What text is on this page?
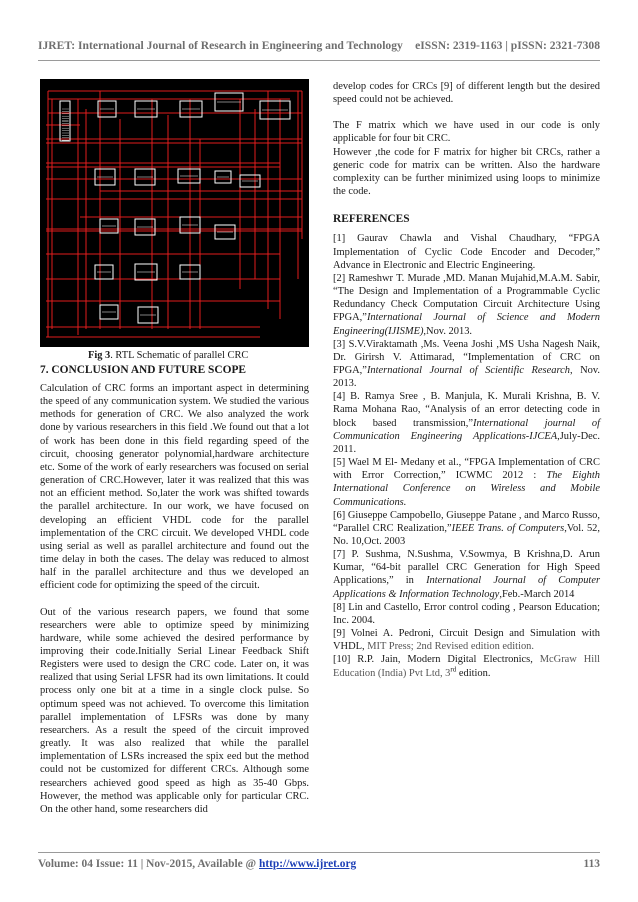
IJRET: International Journal of Research in Engineering and Technology eISSN: 2319-1163 | pISSN: 2321-7308
Fig 3. RTL Schematic of parallel CRC
7. CONCLUSION AND FUTURE SCOPE

Calculation of CRC forms an important aspect in determining the speed of any communication system. We studied the various methods for generation of CRC. We also analyzed the work done by various researchers in this field .We found out that a lot of work has been done in this field regarding speed of the circuit, choosing generator polynomial,hardware architecture etc. Some of the work of early researchers was focused on serial generation of CRC.However, later it was realized that this was not an efficient method. So,later the work was shifted towards the parallel architecture. In our work, we have focused on developing an efficient VHDL code for the parallel implementation of the CRC circuit. We developed VHDL code using serial as well as parallel architecture and found out the time delay in both the cases. The delay was reduced to almost half in the parallel architecture and thus we developed an efficient code for optimizing the speed of the circuit.

Out of the various research papers, we found that some researchers were able to optimize speed by minimizing hardware, while some achieved the desired performance by improving their code.Initially Serial Linear Feedback Shift Registers were used to design the CRC code. Later on, it was realized that using Serial LFSR had its own limitations. It could process only one bit at a time in a single clock pulse. So optimum speed was not achieved. To overcome this limitation parallel implementation of LFSRs was done by many researchers. As a result the speed of the circuit improved greatly. It was also realized that while the parallel implementation of LSRs increased the spix eed but the method could not be customized for different CRCs. Although some researchers achieved good speed as high as 35-40 Gbps. However, the method was applicable only for particular CRC. On the other hand, some researchers did

develop codes for CRCs [9] of different length but the desired speed could not be achieved.

The F matrix which we have used in our code is only applicable for four bit CRC.

However ,the code for F matrix for higher bit CRCs, rather a generic code for matrix can be written. Also the hardware complexity can be further minimized using loops to minimize the code.

REFERENCES

[1] Gaurav Chawla and Vishal Chaudhary, “FPGA Implementation of Cyclic Code Encoder and Decoder,” Advance in Electronic and Electric Engineering.

[2] Rameshwr T. Murade ,MD. Manan Mujahid,M.A.M. Sabir, “The Design and Implementation of a Programmable Cyclic Redundancy Check Computation Circuit Architecture Using FPGA,”International Journal of Science and Modern Engineering(IJISME),Nov. 2013.

[3] S.V.Viraktamath ,Ms. Veena Joshi ,MS Usha Nagesh Naik, Dr. Girirsh V. Attimarad, “Implementation of CRC on FPGA,”International Journal of Scientific Research, Nov. 2013.

[4] B. Ramya Sree , B. Manjula, K. Murali Krishna, B. V. Rama Mohana Rao, “Analysis of an error detecting code in block based transmission,”International journal of Communication Engineering Applications-IJCEA,July-Dec. 2011.

[5] Wael M El- Medany et al., “FPGA Implementation of CRC with Error Correction,” ICWMC 2012 : The Eighth International Conference on Wireless and Mobile Communications.

[6] Giuseppe Campobello, Giuseppe Patane , and Marco Russo, “Parallel CRC Realization,”IEEE Trans. of Computers,Vol. 52, No. 10,Oct. 2003

[7] P. Sushma, N.Sushma, V.Sowmya, B Krishna,D. Arun Kumar, “64-bit parallel CRC Generation for High Speed Applications,” in International Journal of Computer Applications & Information Technology,Feb.-March 2014

[8] Lin and Castello, Error control coding , Pearson Education; Inc. 2004.

[9] Volnei A. Pedroni, Circuit Design and Simulation with VHDL, MIT Press; 2nd Revised edition edition.

[10] R.P. Jain, Modern Digital Electronics, McGraw Hill Education (India) Pvt Ltd, 3rd edition.

Volume: 04 Issue: 11 | Nov-2015, Available @ http://www.ijret.org	113
